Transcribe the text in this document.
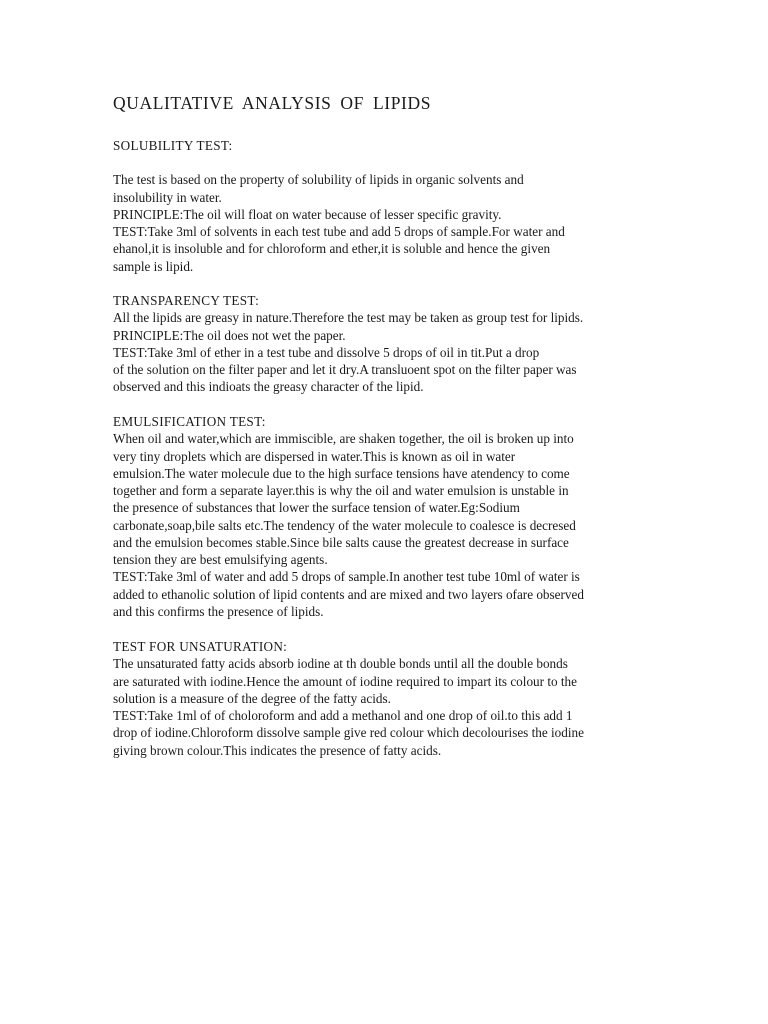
QUALITATIVE ANALYSIS OF LIPIDS
SOLUBILITY TEST:
The test is based on the property of solubility of lipids in organic solvents and
insolubility in water.
PRINCIPLE:The oil will float on water because of lesser specific gravity.
TEST:Take 3ml of solvents in each test tube and add 5 drops of sample.For water and
ehanol,it is insoluble and for chloroform and ether,it is soluble and hence the given
sample is lipid.
TRANSPARENCY TEST:
All the lipids are greasy in nature.Therefore the test may be taken as group test for lipids.
PRINCIPLE:The oil does not wet the paper.
TEST:Take 3ml of ether in a test tube and dissolve 5 drops of oil in tit.Put a drop
of the solution on the filter paper and let it dry.A transluoent spot on the filter paper was
observed and this indioats the greasy character of the lipid.
EMULSIFICATION TEST:
When oil and water,which are immiscible, are shaken together, the oil is broken up into
very tiny droplets which are dispersed in water.This is known as oil in water
emulsion.The water molecule due to the high surface tensions have atendency to come
together and form a separate layer.this is why the oil and water emulsion is unstable in
the presence of substances that lower the surface tension of water.Eg:Sodium
carbonate,soap,bile salts etc.The tendency of the water molecule to coalesce is decresed
and the emulsion becomes stable.Since bile salts cause the greatest decrease in surface
tension they are best emulsifying agents.
TEST:Take 3ml of water and add 5 drops of sample.In another test tube 10ml of water is
added to ethanolic solution of lipid contents and are mixed and two layers ofare observed
and this confirms the presence of lipids.
TEST FOR UNSATURATION:
The unsaturated fatty acids absorb iodine at th double bonds until all the double bonds
are saturated with iodine.Hence the amount of iodine required to impart its colour to the
solution is a measure of the degree of the fatty acids.
TEST:Take 1ml of of choloroform and add a methanol and one drop of oil.to this add 1
drop of iodine.Chloroform dissolve sample give red colour which decolourises the iodine
giving brown colour.This indicates the presence of fatty acids.
